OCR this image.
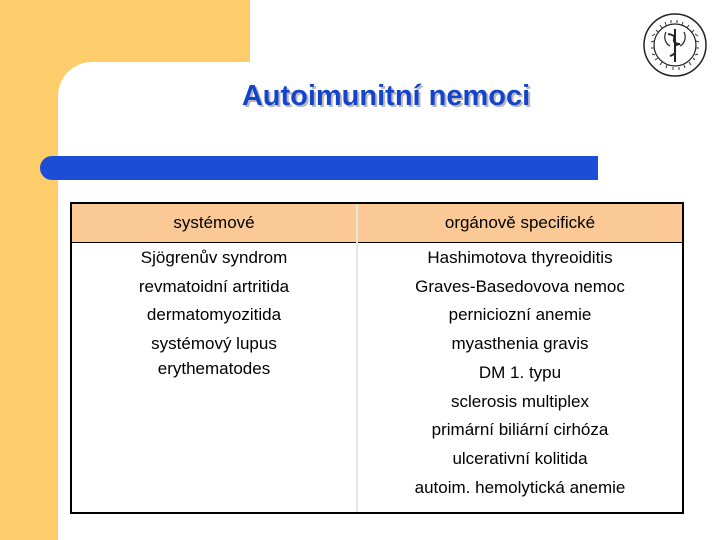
Autoimunitní nemoci
systémové	orgánově specifické
Sjögrenův syndrom
revmatoidní artritida
dermatomyozitida
systémový lupus
erythematodes
Hashimotova thyreoiditis
Graves-Basedovova nemoc
perniciozní anemie
myasthenia gravis
DM 1. typu
sclerosis multiplex
primární biliární cirhóza
ulcerativní kolitida
autoim. hemolytická anemie
